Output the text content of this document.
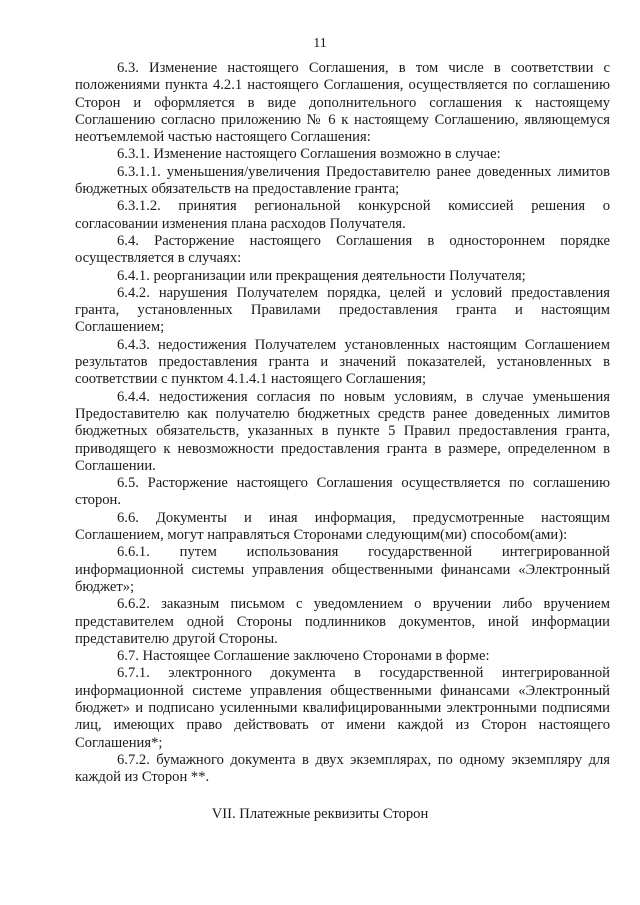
11

6.3. Изменение настоящего Соглашения, в том числе в соответствии с положениями пункта 4.2.1 настоящего Соглашения, осуществляется по соглашению Сторон и оформляется в виде дополнительного соглашения к настоящему Соглашению согласно приложению № 6 к настоящему Соглашению, являющемуся неотъемлемой частью настоящего Соглашения:

6.3.1. Изменение настоящего Соглашения возможно в случае:

6.3.1.1. уменьшения/увеличения Предоставителю ранее доведенных лимитов бюджетных обязательств на предоставление гранта;

6.3.1.2. принятия региональной конкурсной комиссией решения о согласовании изменения плана расходов Получателя.

6.4. Расторжение настоящего Соглашения в одностороннем порядке осуществляется в случаях:

6.4.1. реорганизации или прекращения деятельности Получателя;

6.4.2. нарушения Получателем порядка, целей и условий предоставления гранта, установленных Правилами предоставления гранта и настоящим Соглашением;

6.4.3. недостижения Получателем установленных настоящим Соглашением результатов предоставления гранта и значений показателей, установленных в соответствии с пунктом 4.1.4.1 настоящего Соглашения;

6.4.4. недостижения согласия по новым условиям, в случае уменьшения Предоставителю как получателю бюджетных средств ранее доведенных лимитов бюджетных обязательств, указанных в пункте 5 Правил предоставления гранта, приводящего к невозможности предоставления гранта в размере, определенном в Соглашении.

6.5. Расторжение настоящего Соглашения осуществляется по соглашению сторон.

6.6. Документы и иная информация, предусмотренные настоящим Соглашением, могут направляться Сторонами следующим(ми) способом(ами):

6.6.1. путем использования государственной интегрированной информационной системы управления общественными финансами «Электронный бюджет»;

6.6.2. заказным письмом с уведомлением о вручении либо вручением представителем одной Стороны подлинников документов, иной информации представителю другой Стороны.

6.7. Настоящее Соглашение заключено Сторонами в форме:

6.7.1. электронного документа в государственной интегрированной информационной системе управления общественными финансами «Электронный бюджет» и подписано усиленными квалифицированными электронными подписями лиц, имеющих право действовать от имени каждой из Сторон настоящего Соглашения*;

6.7.2. бумажного документа в двух экземплярах, по одному экземпляру для каждой из Сторон **.

VII. Платежные реквизиты Сторон
